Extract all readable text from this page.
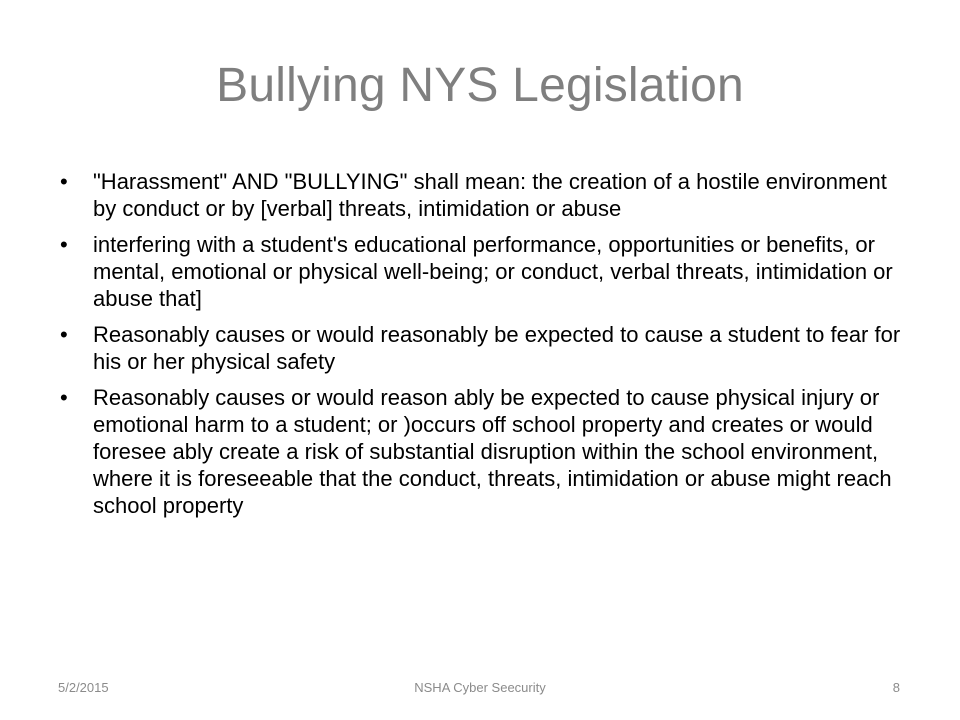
Bullying NYS Legislation
• "Harassment" AND "BULLYING" shall mean: the creation of a hostile environment by conduct or by [verbal] threats, intimidation or abuse
• interfering with a student's educational performance, opportunities or benefits, or mental, emotional or physical well-being; or conduct, verbal threats, intimidation or abuse that]
• Reasonably causes or would reasonably be expected to cause a student to fear for his or her physical safety
• Reasonably causes or would reason ably be expected to cause physical injury or emotional harm to a student; or )occurs off school property and creates or would foresee ably create a risk of substantial disruption within the school environment, where it is foreseeable that the conduct, threats, intimidation or abuse might reach school property
5/2/2015	NSHA Cyber Seecurity	8
